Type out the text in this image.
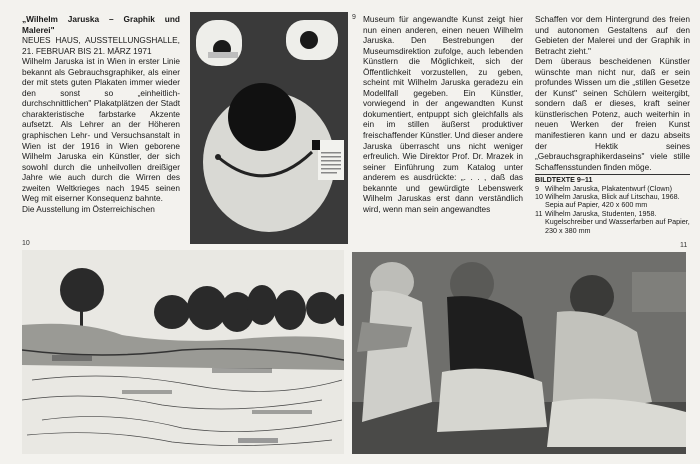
„Wilhelm Jaruska – Graphik und Malerei"

NEUES HAUS, AUSSTELLUNGSHALLE, 21. FEBRUAR BIS 21. MÄRZ 1971

Wilhelm Jaruska ist in Wien in erster Linie bekannt als Gebrauchsgraphiker, als einer der mit stets guten Plakaten immer wieder den sonst so „einheitlich-durchschnittlichen" Plakatplätzen der Stadt charakteristische farbstarke Akzente aufsetzt. Als Lehrer an der Höheren graphischen Lehr- und Versuchsanstalt in Wien ist der 1916 in Wien geborene Wilhelm Jaruska ein Künstler, der sich sowohl durch die unheilvollen dreißiger Jahre wie auch durch die Wirren des zweiten Weltkrieges nach 1945 seinen Weg mit eiserner Konsequenz bahnte.

Die Ausstellung im Österreichischen

9 Museum für angewandte Kunst zeigt hier nun einen anderen, einen neuen Wilhelm Jaruska. Den Bestrebungen der Museumsdirektion zufolge, auch lebenden Künstlern die Möglichkeit, sich der Öffentlichkeit vorzustellen, zu geben, scheint mit Wilhelm Jaruska geradezu ein Modellfall gegeben. Ein Künstler, vorwiegend in der angewandten Kunst dokumentiert, entpuppt sich gleichfalls als ein im stillen äußerst produktiver freischaffender Künstler. Und dieser andere Jaruska überrascht uns nicht weniger erfreulich. Wie Direktor Prof. Dr. Mrazek in seiner Einführung zum Katalog unter anderem es ausdrückte: „. . . , daß das bekannte und gewürdigte Lebenswerk Wilhelm Jaruskas erst dann verständlich wird, wenn man sein angewandtes

Schaffen vor dem Hintergrund des freien und autonomen Gestaltens auf den Gebieten der Malerei und der Graphik in Betracht zieht."

Dem überaus bescheidenen Künstler wünschte man nicht nur, daß er sein profundes Wissen um die „stillen Gesetze der Kunst" seinen Schülern weitergibt, sondern daß er dieses, kraft seiner künstlerischen Potenz, auch weiterhin in neuen Werken der freien Kunst manifestieren kann und er dazu abseits der Hektik seines „Gebrauchsgraphikerdaseins" viele stille Schaffensstunden finden möge.

BILDTEXTE 9–11
9 Wilhelm Jaruska, Plakatentwurf (Clown)
10 Wilhelm Jaruska, Blick auf Litschau, 1968. Sepia auf Papier, 420 x 600 mm
11 Wilhelm Jaruska, Studenten, 1958. Kugelschreiber und Wasserfarben auf Papier, 230 x 380 mm
10	11
